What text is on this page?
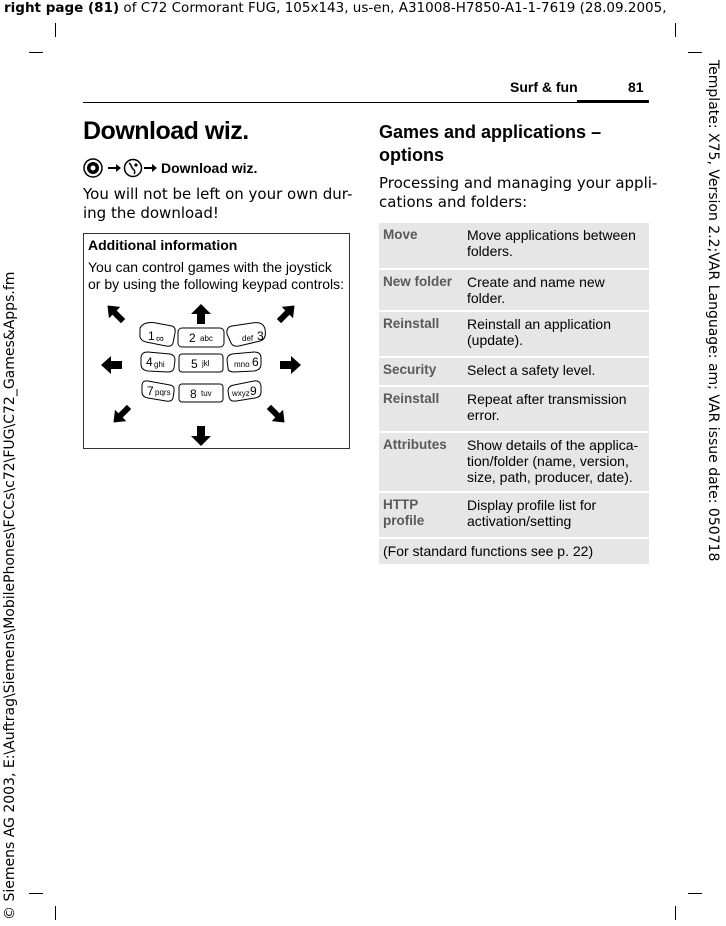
right page (81) of C72 Cormorant FUG, 105x143, us-en, A31008-H7850-A1-1-7619 (28.09.2005,
Template: X75, Version 2.2;VAR Language: am; VAR issue date: 050718
© Siemens AG 2003, E:\Auftrag\Siemens\MobilePhones\FCCs\c72\FUG\C72_Games&Apps.fm
Surf & fun	81
Download wiz.
Download wiz.
You will not be left on your own dur-
ing the download!
Additional information
You can control games with the joystick or by using the following keypad controls:
1 ∞ 2 abc	def 3
4 ghi 5 jkl	mno 6
7 pqrs 8 tuv	wxyz 9
Games and applications – options
Processing and managing your appli-
cations and folders:
Move	Move applications between folders.
New folder	Create and name new folder.
Reinstall	Reinstall an application (update).
Security	Select a safety level.
Reinstall	Repeat after transmission error.
Attributes	Show details of the applica-tion/folder (name, version, size, path, producer, date).
HTTP profile	Display profile list for activation/setting
(For standard functions see p. 22)	
